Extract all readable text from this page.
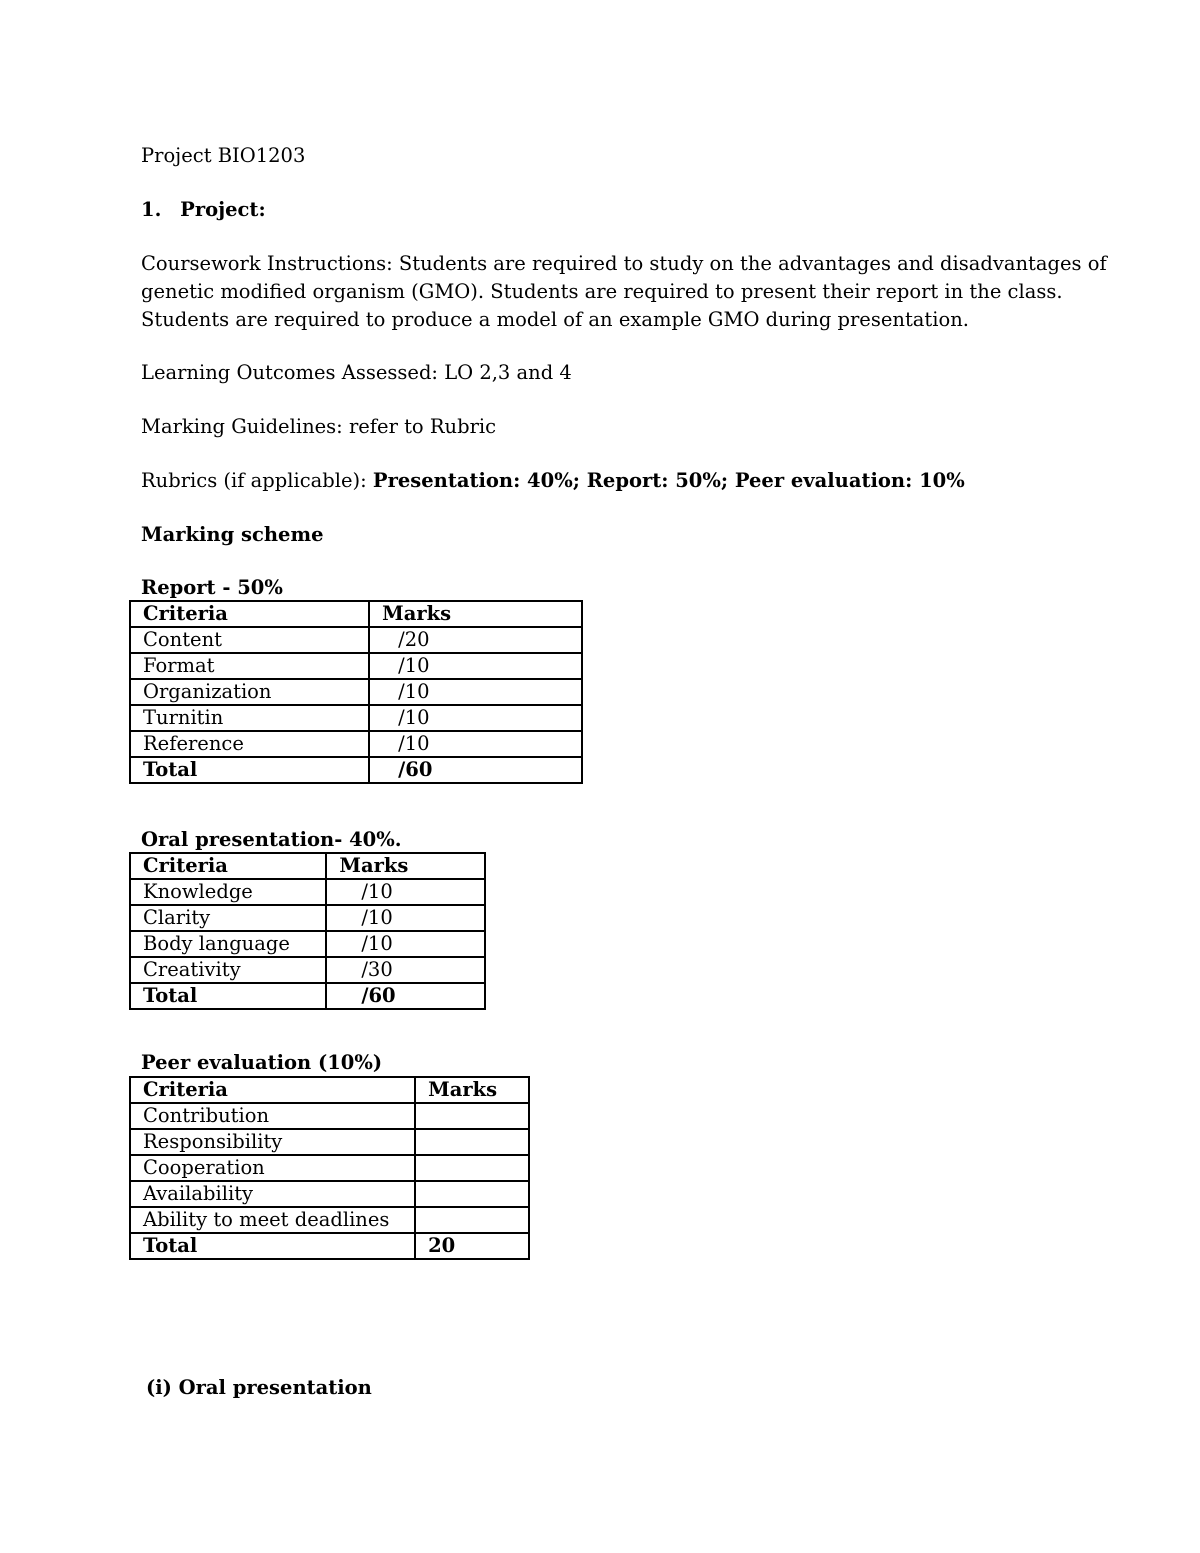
Project BIO1203
1. Project:
Coursework Instructions: Students are required to study on the advantages and disadvantages of
genetic modified organism (GMO). Students are required to present their report in the class.
Students are required to produce a model of an example GMO during presentation.
Learning Outcomes Assessed: LO 2,3 and 4
Marking Guidelines: refer to Rubric
Rubrics (if applicable): Presentation: 40%; Report: 50%; Peer evaluation: 10%
Marking scheme
Report - 50%
Criteria	Marks
Content	/20
Format	/10
Organization	/10
Turnitin	/10
Reference	/10
Total	/60
Oral presentation- 40%.
Criteria	Marks
Knowledge	/10
Clarity	/10
Body language	/10
Creativity	/30
Total	/60
Peer evaluation (10%)
Criteria	Marks
Contribution	
Responsibility	
Cooperation	
Availability	
Ability to meet deadlines	
Total	20
(i) Oral presentation
